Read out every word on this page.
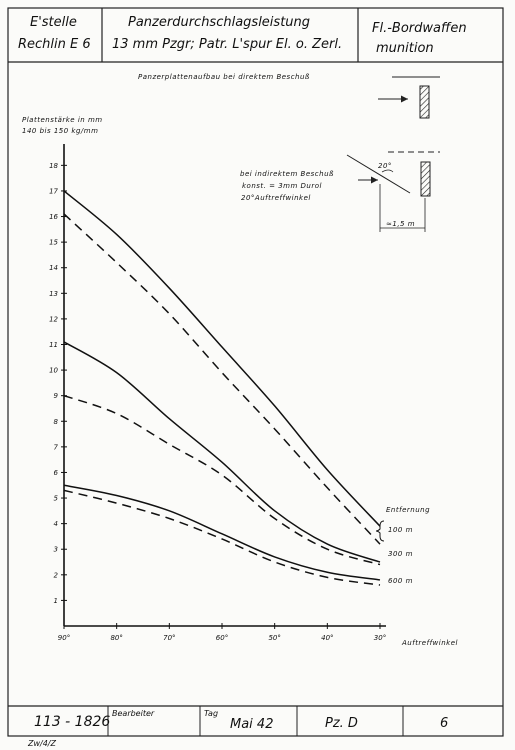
E'stelle
Rechlin E 6
Panzerdurchschlagsleistung
13 mm Pzgr; Patr. L'spur El. o. Zerl.
Fl.-Bordwaffen
munition
Panzerplattenaufbau bei direktem Beschuß
20°
≈1,5 m
bei indirektem Beschuß
konst. = 3mm Durol
20°Auftreffwinkel
Plattenstärke in mm
140 bis 150 kg/mm
Auftreffwinkel
Entfernung
1
2
3
4
5
6
7
8
9
10
11
12
13
14
15
16
17
18
90°	80°	70°	60°	50°	40°	30°
100 m
300 m
600 m
113 - 1826
Bearbeiter	Tag
Mai 42	Pz. D	6
Zw/4/Z
